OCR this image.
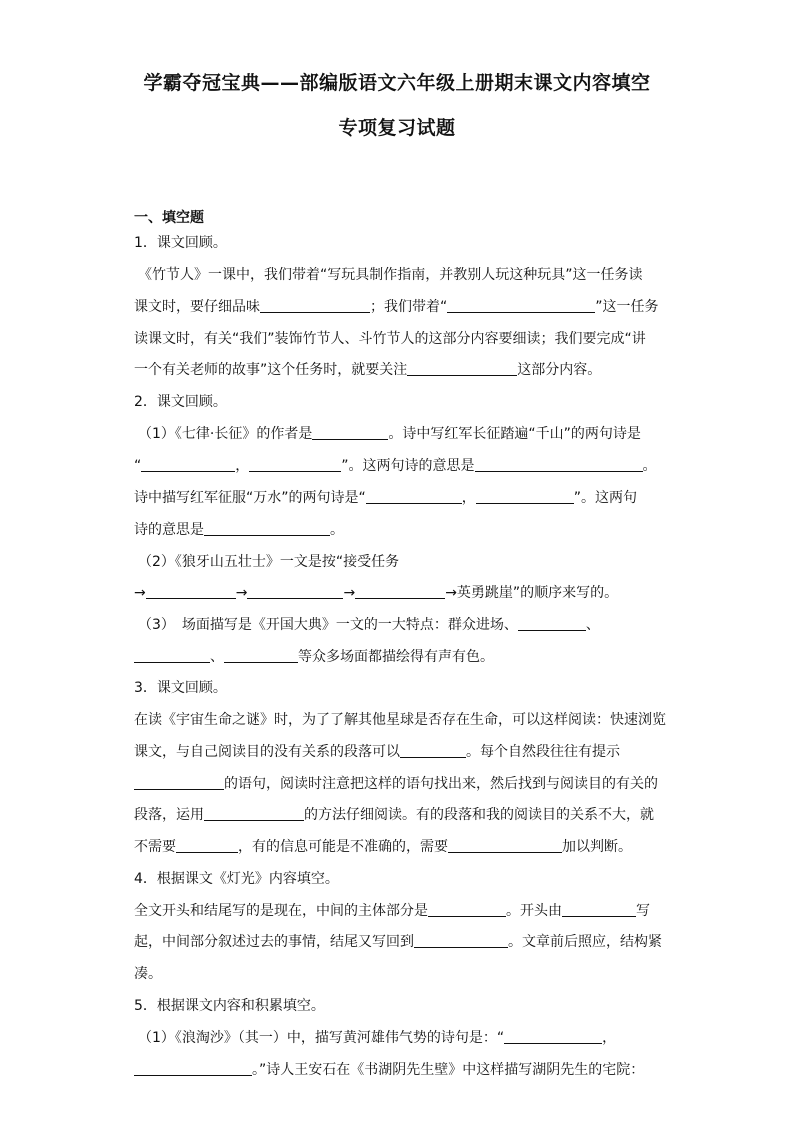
学霸夺冠宝典——部编版语文六年级上册期末课文内容填空
专项复习试题
一、填空题
1．课文回顾。
《竹节人》一课中，我们带着“写玩具制作指南，并教别人玩这种玩具”这一任务读
课文时，要仔细品味	；我们带着“	”这一任务
读课文时，有关“我们”装饰竹节人、斗竹节人的这部分内容要细读；我们要完成“讲
一个有关老师的故事”这个任务时，就要关注	这部分内容。
2．课文回顾。
（1）《七律·长征》的作者是	。诗中写红军长征踏遍“千山”的两句诗是
“	，	”。这两句诗的意思是	。
诗中描写红军征服“万水”的两句诗是“	，	”。这两句
诗的意思是	。
（2）《狼牙山五壮士》一文是按“接受任务
→	→	→	→英勇跳崖”的顺序来写的。
（3）　场面描写是《开国大典》一文的一大特点：群众进场、	、
、	等众多场面都描绘得有声有色。
3．课文回顾。
在读《宇宙生命之谜》时，为了了解其他星球是否存在生命，可以这样阅读：快速浏览
课文，与自己阅读目的没有关系的段落可以	。每个自然段往往有提示
的语句，阅读时注意把这样的语句找出来，然后找到与阅读目的有关的
段落，运用	的方法仔细阅读。有的段落和我的阅读目的关系不大，就
不需要	，有的信息可能是不准确的，需要	加以判断。
4．根据课文《灯光》内容填空。
全文开头和结尾写的是现在，中间的主体部分是	。开头由	写
起，中间部分叙述过去的事情，结尾又写回到	。文章前后照应，结构紧
凑。
5．根据课文内容和积累填空。
（1）《浪淘沙》（其一）中，描写黄河雄伟气势的诗句是：“	，
。”诗人王安石在《书湖阴先生壁》中这样描写湖阴先生的宅院：
